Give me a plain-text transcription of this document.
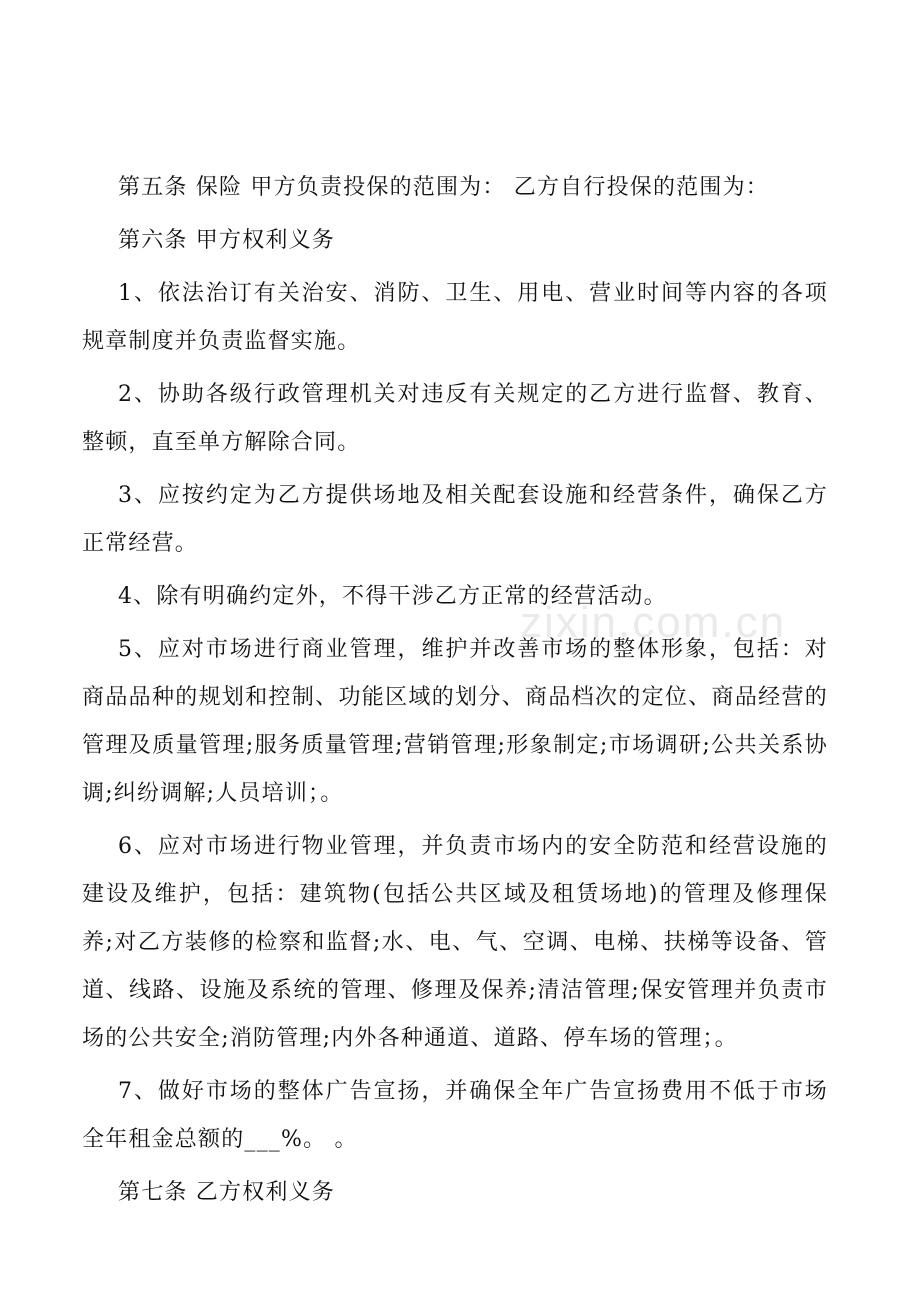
第五条 保险 甲方负责投保的范围为： 乙方自行投保的范围为：

第六条 甲方权利义务

1、依法治订有关治安、消防、卫生、用电、营业时间等内容的各项规章制度并负责监督实施。

2、协助各级行政管理机关对违反有关规定的乙方进行监督、教育、整顿，直至单方解除合同。

3、应按约定为乙方提供场地及相关配套设施和经营条件，确保乙方正常经营。

4、除有明确约定外，不得干涉乙方正常的经营活动。

5、应对市场进行商业管理，维护并改善市场的整体形象，包括：对商品品种的规划和控制、功能区域的划分、商品档次的定位、商品经营的管理及质量管理;服务质量管理;营销管理;形象制定;市场调研;公共关系协调;纠纷调解;人员培训；。

6、应对市场进行物业管理，并负责市场内的安全防范和经营设施的建设及维护，包括：建筑物(包括公共区域及租赁场地)的管理及修理保养;对乙方装修的检察和监督;水、电、气、空调、电梯、扶梯等设备、管道、线路、设施及系统的管理、修理及保养;清洁管理;保安管理并负责市场的公共安全;消防管理;内外各种通道、道路、停车场的管理；。

7、做好市场的整体广告宣扬，并确保全年广告宣扬费用不低于市场全年租金总额的___%。 。

第七条 乙方权利义务

zixin.com.cn
